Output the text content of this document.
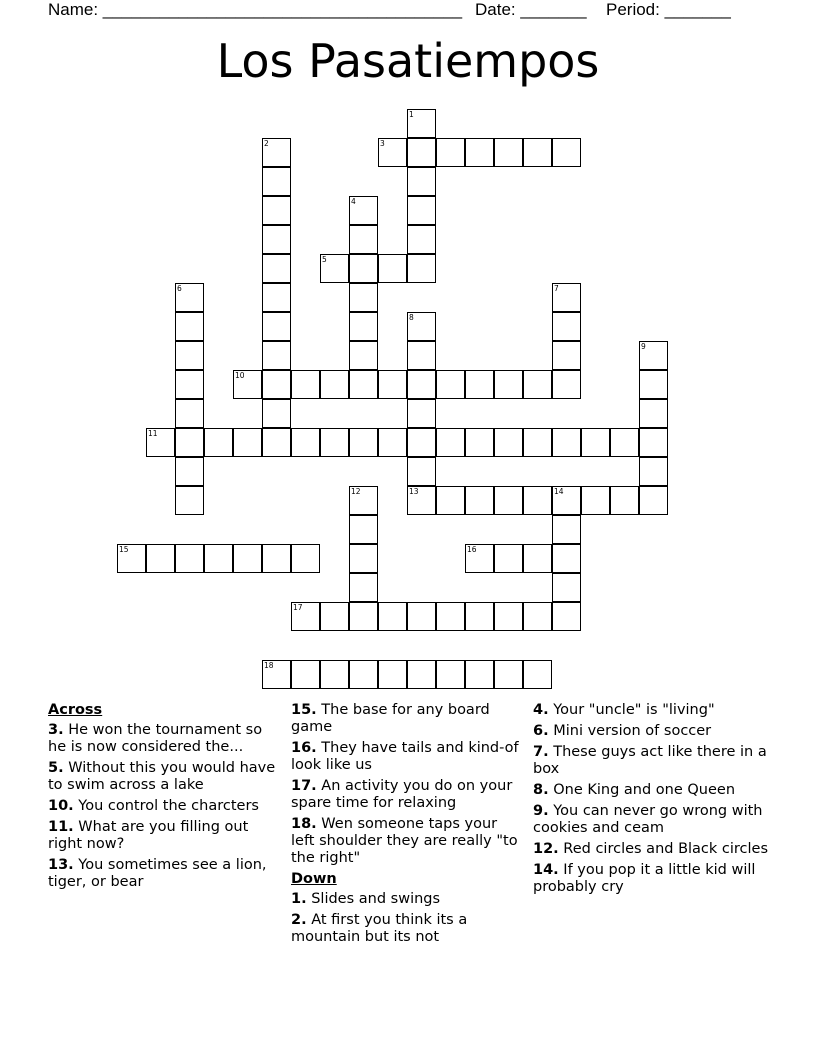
Name: ______________________________________ Date: _______ Period: _______
Los Pasatiempos
1
2	3
4
5
6	7
8
13
9
10
11
12	14
15	16
17
18
Across
3. He won the tournament so he is now considered the...
5. Without this you would have to swim across a lake
10. You control the charcters
11. What are you filling out right now?
13. You sometimes see a lion, tiger, or bear
15. The base for any board game
16. They have tails and kind-of look like us
17. An activity you do on your spare time for relaxing
18. Wen someone taps your left shoulder they are really "to the right"
Down
1. Slides and swings
2. At first you think its a mountain but its not
4. Your "uncle" is "living"
6. Mini version of soccer
7. These guys act like there in a box
8. One King and one Queen
9. You can never go wrong with cookies and ceam
12. Red circles and Black circles
14. If you pop it a little kid will probably cry
